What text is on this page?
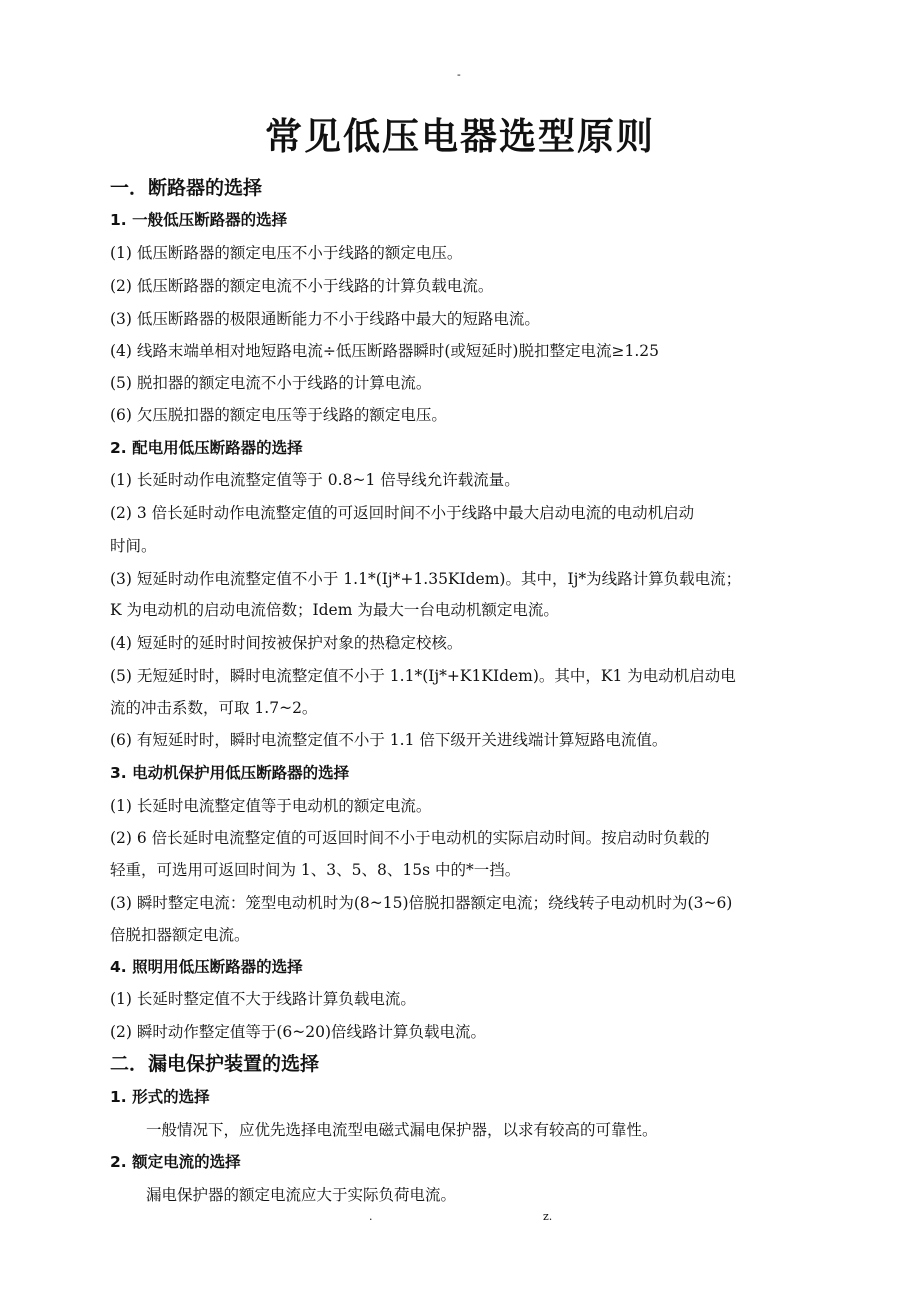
-
常见低压电器选型原则
一．断路器的选择
1. 一般低压断路器的选择
(1) 低压断路器的额定电压不小于线路的额定电压。
(2) 低压断路器的额定电流不小于线路的计算负载电流。
(3) 低压断路器的极限通断能力不小于线路中最大的短路电流。
(4) 线路末端单相对地短路电流÷低压断路器瞬时(或短延时)脱扣整定电流≥1.25
(5) 脱扣器的额定电流不小于线路的计算电流。
(6) 欠压脱扣器的额定电压等于线路的额定电压。
2. 配电用低压断路器的选择
(1) 长延时动作电流整定值等于 0.8~1 倍导线允许载流量。
(2) 3 倍长延时动作电流整定值的可返回时间不小于线路中最大启动电流的电动机启动
时间。
(3) 短延时动作电流整定值不小于 1.1*(Ij*+1.35KIdem)。其中，Ij*为线路计算负载电流；
K 为电动机的启动电流倍数；Idem 为最大一台电动机额定电流。
(4) 短延时的延时时间按被保护对象的热稳定校核。
(5) 无短延时时，瞬时电流整定值不小于 1.1*(Ij*+K1KIdem)。其中，K1 为电动机启动电
流的冲击系数，可取 1.7~2。
(6) 有短延时时，瞬时电流整定值不小于 1.1 倍下级开关进线端计算短路电流值。
3. 电动机保护用低压断路器的选择
(1) 长延时电流整定值等于电动机的额定电流。
(2) 6 倍长延时电流整定值的可返回时间不小于电动机的实际启动时间。按启动时负载的
轻重，可选用可返回时间为 1、3、5、8、15s 中的*一挡。
(3) 瞬时整定电流：笼型电动机时为(8~15)倍脱扣器额定电流；绕线转子电动机时为(3~6)
倍脱扣器额定电流。
4. 照明用低压断路器的选择
(1) 长延时整定值不大于线路计算负载电流。
(2) 瞬时动作整定值等于(6~20)倍线路计算负载电流。
二．漏电保护装置的选择
1. 形式的选择
一般情况下，应优先选择电流型电磁式漏电保护器，以求有较高的可靠性。
2. 额定电流的选择
漏电保护器的额定电流应大于实际负荷电流。
.	z.
